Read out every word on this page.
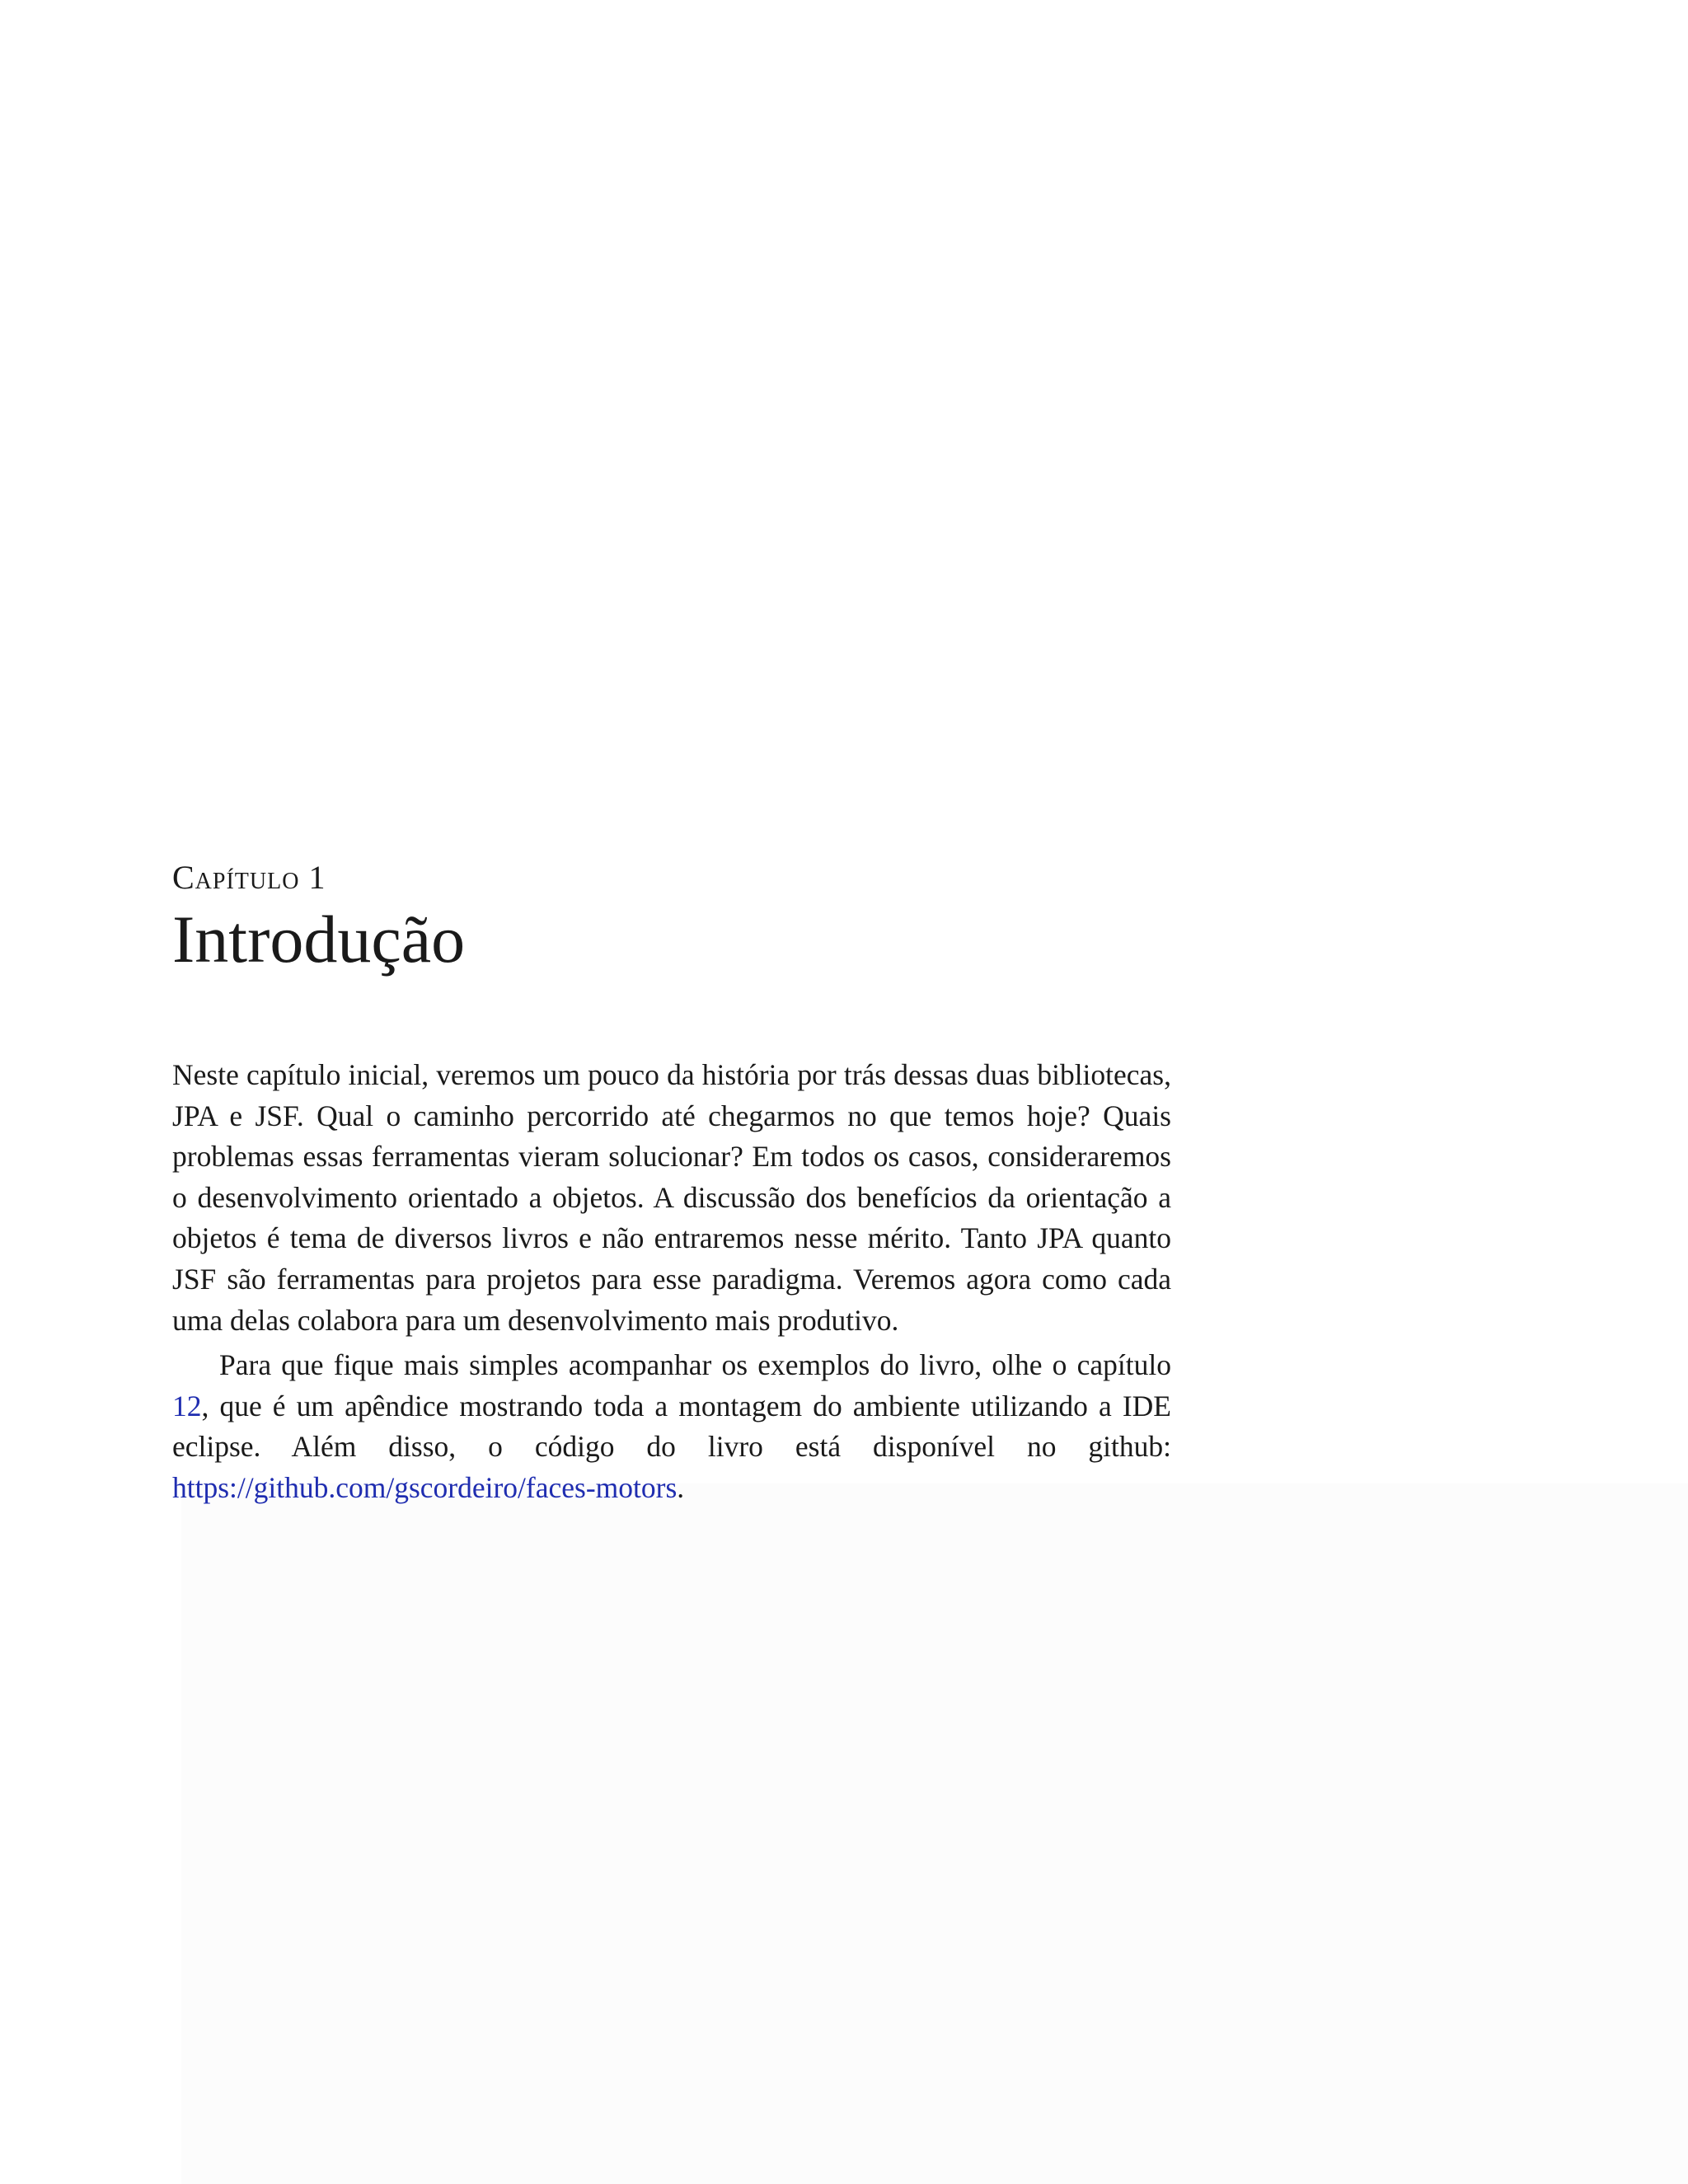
Capítulo 1

Introdução

Neste capítulo inicial, veremos um pouco da história por trás dessas duas bibliotecas, JPA e JSF. Qual o caminho percorrido até chegarmos no que temos hoje? Quais problemas essas ferramentas vieram solucionar? Em todos os casos, consideraremos o desenvolvimento orientado a objetos. A discussão dos benefícios da orientação a objetos é tema de diversos livros e não entraremos nesse mérito. Tanto JPA quanto JSF são ferramentas para projetos para esse paradigma. Veremos agora como cada uma delas colabora para um desenvolvimento mais produtivo.

Para que fique mais simples acompanhar os exemplos do livro, olhe o capítulo 12, que é um apêndice mostrando toda a montagem do ambiente utilizando a IDE eclipse. Além disso, o código do livro está disponível no github: https://github.com/gscordeiro/faces-motors.
